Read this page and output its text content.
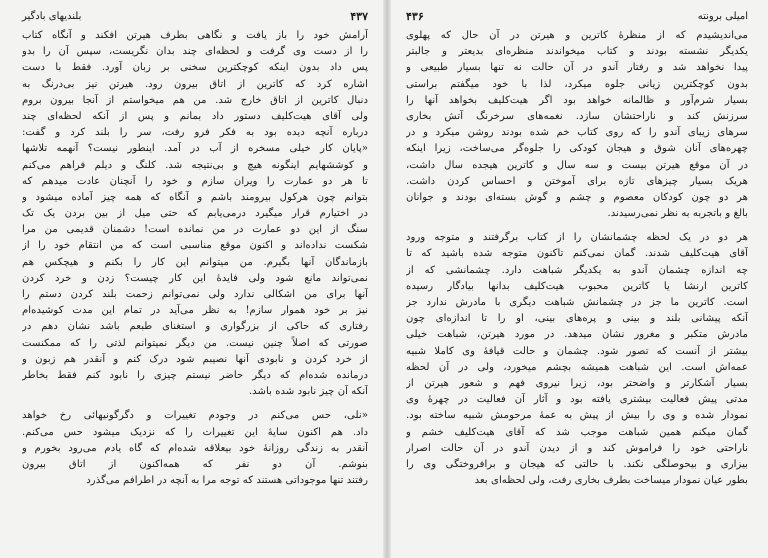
۴۳۷
بلندیهای بادگیر
آرامش خود را باز یافت و نگاهی بطرف هیرتن افکند و آنگاه کتاب
را از دست وی گرفت و لحظه‌ای چند بدان نگریست، سپس آن را بدو
پس داد بدون اینکه کوچکترین سخنی بر زبان آورد. فقط با دست
اشاره کرد که کاترین از اتاق بیرون رود. هیرتن نیز بی‌درنگ به
دنبال کاترین از اتاق خارج شد. من هم میخواستم از آنجا بیرون بروم
ولی آقای هیت‌کلیف دستور داد بمانم و پس از آنکه لحظه‌ای چند
درباره آنچه دیده بود به فکر فرو رفت، سر را بلند کرد و گفت:
«پایان کار خیلی مسخره از آب در آمد. اینطور نیست؟ آنهمه تلاشها
و کوششهایم اینگونه هیچ و بی‌نتیجه شد. کلنگ و دیلم فراهم می‌کنم
تا هر دو عمارت را ویران سازم و خود را آنچنان عادت میدهم که
بتوانم چون هرکول بیرومند باشم و آنگاه که همه چیز آماده میشود و
در اختیارم قرار میگیرد درمی‌یابم که حتی میل از بین بردن یک تک
سنگ از این دو عمارت در من نمانده است! دشمنان قدیمی من مرا
شکست نداده‌اند و اکنون موقع مناسبی است که من انتقام خود را از
بازماندگان آنها بگیرم. من میتوانم این کار را بکنم و هیچکس هم
نمی‌تواند مانع شود ولی فایدهٔ این کار چیست؟ زدن و خرد کردن
آنها برای من اشکالی ندارد ولی نمی‌توانم زحمت بلند کردن دستم را
نیز بر خود هموار سازم! به نظر می‌آید در تمام این مدت کوشیده‌ام
رفتاری که حاکی از بزرگواری و استغنای طبعم باشد نشان دهم در
صورتی که اصلاً چنین نیست. من دیگر نمیتوانم لذتی را که ممکنست
از خرد کردن و نابودی آنها نصیبم شود درک کنم و آنقدر هم زبون و
درمانده شده‌ام که دیگر حاضر نیستم چیزی را نابود کنم فقط بخاطر
آنکه آن چیز نابود شده باشد.
«نلی، حس می‌کنم در وجودم تغییرات و دگرگونیهائی رخ خواهد
داد. هم اکنون سایهٔ این تغییرات را که نزدیک میشود حس می‌کنم.
آنقدر به زندگی روزانهٔ خود بیعلاقه شده‌ام که گاه یادم می‌رود بخورم و
بنوشم. آن دو نفر که همه‌اکنون از اتاق بیرون
رفتند تنها موجوداتی هستند که توجه مرا به آنچه در اطرافم می‌گذرد
امیلی برونته
۴۳۶
می‌اندیشیدم که از منظرهٔ کاترین و هیرتن در آن حال که پهلوی
یکدیگر نشسته بودند و کتاب میخواندند منظره‌ای بدیعتر و جالبتر
پیدا نخواهد شد و رفتار آندو در آن حالت نه تنها بسیار طبیعی و
بدون کوچکترین زیانی جلوه میکرد، لذا با خود میگفتم براستی
بسیار شرم‌آور و ظالمانه خواهد بود اگر هیت‌کلیف بخواهد آنها را
سرزنش کند و ناراحتشان سازد. نغمه‌های سرخرنگ آتش بخاری
سرهای زیبای آندو را که روی کتاب خم شده بودند روشن میکرد و در
چهره‌های آنان شوق و هیجان کودکی را جلوه‌گر می‌ساخت، زیرا اینکه
در آن موقع هیرتن بیست و سه سال و کاترین هیجده سال داشت،
هریک بسیار چیزهای تازه برای آموختن و احساس کردن داشت.
هر دو چون کودکان معصوم و چشم و گوش بسته‌ای بودند و جوانان
بالغ و باتجربه به نظر نمی‌رسیدند.
هر دو در یک لحظه چشمانشان را از کتاب برگرفتند و متوجه ورود
آقای هیت‌کلیف شدند. گمان نمی‌کنم تاکنون متوجه شده باشید که تا
چه اندازه چشمان آندو به یکدیگر شباهت دارد. چشمانشی که از
کاترین ارنشا یا کاترین محبوب هیت‌کلیف بدانها بیادگار رسیده
است. کاترین ما جز در چشمانش شباهت دیگری با مادرش ندارد جز
آنکه پیشانی بلند و بینی و پره‌های بینی، او را تا اندازه‌ای چون
مادرش متکبر و مغرور نشان میدهد. در مورد هیرتن، شباهت خیلی
بیشتر از آنست که تصور شود. چشمان و حالت قیافهٔ وی کاملا شبیه
عمه‌اش است. این شباهت همیشه بچشم میخورد، ولی در آن لحظه
بسیار آشکارتر و واضحتر بود، زیرا نیروی فهم و شعور هیرتن از
مدتی پیش فعالیت بیشتری یافته بود و آثار آن فعالیت در چهرهٔ وی
نمودار شده و وی را بیش از پیش به عمهٔ مرحومش شبیه ساخته بود.
گمان میکنم همین شباهت موجب شد که آقای هیت‌کلیف خشم و
ناراحتی خود را فراموش کند و از دیدن آندو در آن حالت اصرار
بیزاری و بیحوصلگی نکند. با حالتی که هیجان و برافروختگی وی را
بطور عیان نمودار میساخت بطرف بخاری رفت، ولی لحظه‌ای بعد
